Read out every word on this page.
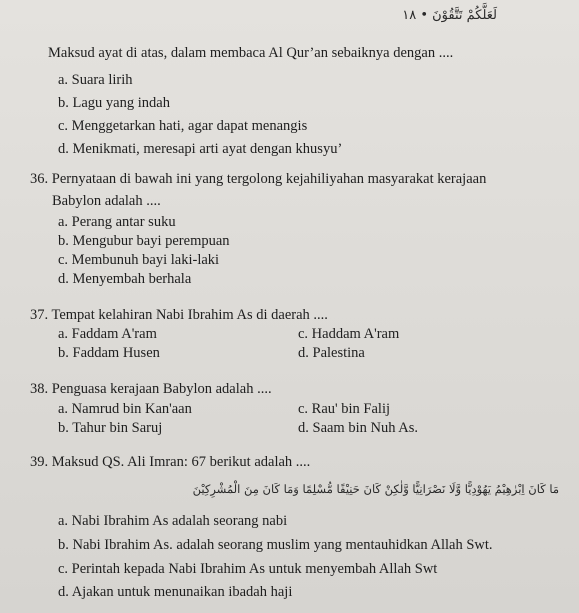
لَعَلَّكُمْ تَتَّقُوْنَ • ١٨
Maksud ayat di atas, dalam membaca Al Qur’an sebaiknya dengan ....
a. Suara lirih
b. Lagu yang indah
c. Menggetarkan hati, agar dapat menangis
d. Menikmati, meresapi arti ayat dengan khusyu’
36. Pernyataan di bawah ini yang tergolong kejahiliyahan masyarakat kerajaan
Babylon adalah ....
a. Perang antar suku
b. Mengubur bayi perempuan
c. Membunuh bayi laki-laki
d. Menyembah berhala
37. Tempat kelahiran Nabi Ibrahim As di daerah ....
a. Faddam A'ram	c. Haddam A'ram
b. Faddam Husen	d. Palestina
38. Penguasa kerajaan Babylon adalah ....
a. Namrud bin Kan'aan	c. Rau' bin Falij
b. Tahur bin Saruj	d. Saam bin Nuh As.
39. Maksud QS. Ali Imran: 67 berikut adalah ....
مَا كَانَ اِبْرٰهِيْمُ يَهُوْدِيًّا وَّلَا نَصْرَانِيًّا وَّلٰكِنْ كَانَ حَنِيْفًا مُّسْلِمًا وَمَا كَانَ مِنَ الْمُشْرِكِيْنَ
a. Nabi Ibrahim As adalah seorang nabi
b. Nabi Ibrahim As. adalah seorang muslim yang mentauhidkan Allah Swt.
c. Perintah kepada Nabi Ibrahim As untuk menyembah Allah Swt
d. Ajakan untuk menunaikan ibadah haji
